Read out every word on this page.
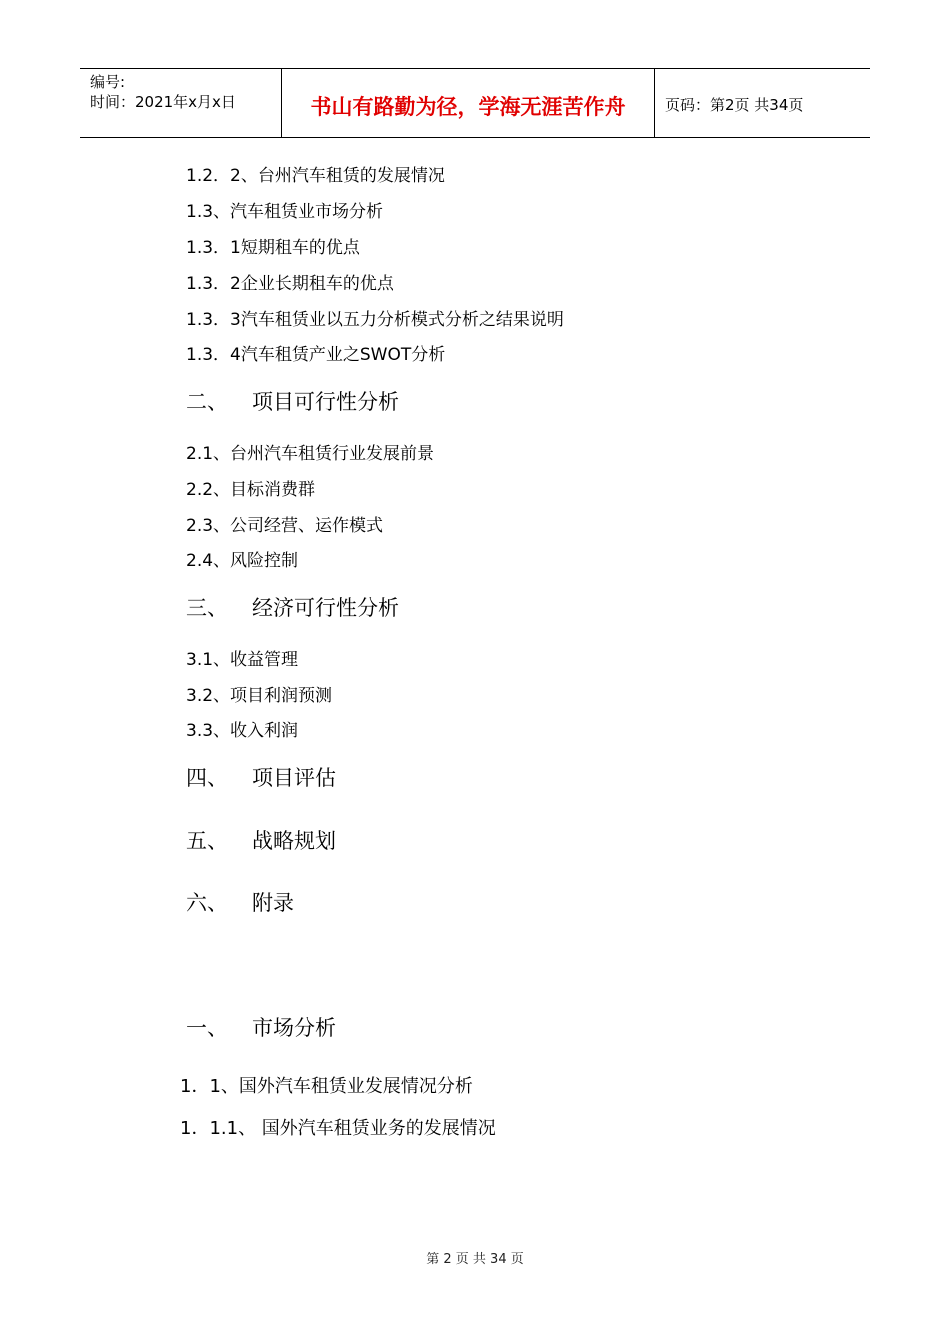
编号:
时间：2021年x月x日	书山有路勤为径，学海无涯苦作舟	页码：第2页 共34页
1.2．2、台州汽车租赁的发展情况
1.3、汽车租赁业市场分析
1.3．1短期租车的优点
1.3．2企业长期租车的优点
1.3．3汽车租赁业以五力分析模式分析之结果说明
1.3．4汽车租赁产业之SWOT分析
二、 项目可行性分析
2.1、台州汽车租赁行业发展前景
2.2、目标消费群
2.3、公司经营、运作模式
2.4、风险控制
三、 经济可行性分析
3.1、收益管理
3.2、项目利润预测
3.3、收入利润
四、 项目评估
五、 战略规划
六、 附录
一、 市场分析
1．1、国外汽车租赁业发展情况分析
1．1.1、 国外汽车租赁业务的发展情况
第 2 页 共 34 页
